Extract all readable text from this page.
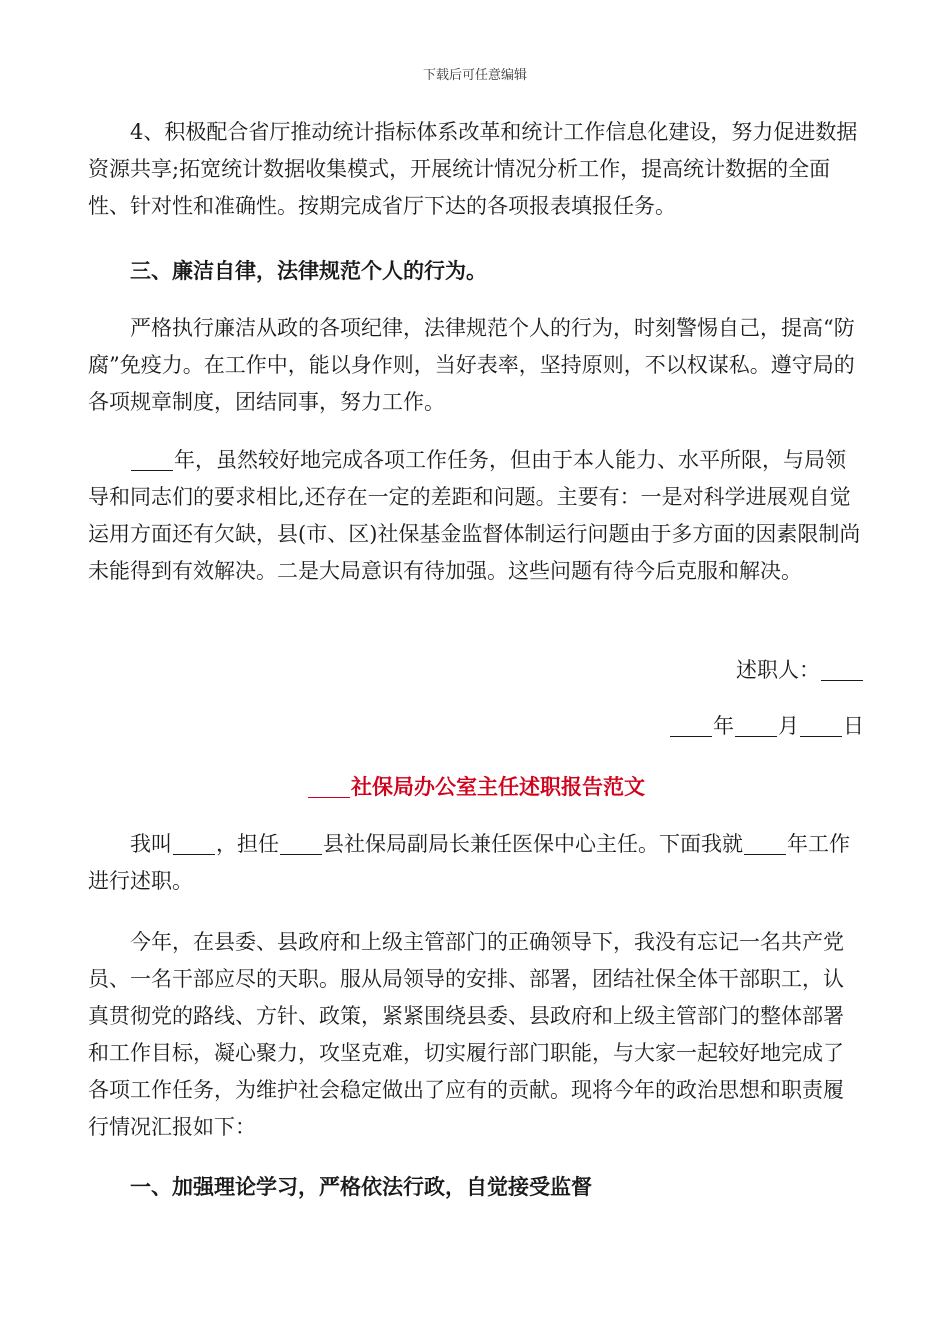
下载后可任意编辑

4、积极配合省厅推动统计指标体系改革和统计工作信息化建设，努力促进数据资源共享;拓宽统计数据收集模式，开展统计情况分析工作，提高统计数据的全面性、针对性和准确性。按期完成省厅下达的各项报表填报任务。

三、廉洁自律，法律规范个人的行为。

严格执行廉洁从政的各项纪律，法律规范个人的行为，时刻警惕自己，提高“防腐”免疫力。在工作中，能以身作则，当好表率，坚持原则，不以权谋私。遵守局的各项规章制度，团结同事，努力工作。

年，虽然较好地完成各项工作任务，但由于本人能力、水平所限，与局领导和同志们的要求相比,还存在一定的差距和问题。主要有：一是对科学进展观自觉运用方面还有欠缺，县(市、区)社保基金监督体制运行问题由于多方面的因素限制尚未能得到有效解决。二是大局意识有待加强。这些问题有待今后克服和解决。

述职人：

年 月 日

社保局办公室主任述职报告范文

我叫 ，担任 县社保局副局长兼任医保中心主任。下面我就 年工作进行述职。

今年，在县委、县政府和上级主管部门的正确领导下，我没有忘记一名共产党员、一名干部应尽的天职。服从局领导的安排、部署，团结社保全体干部职工，认真贯彻党的路线、方针、政策，紧紧围绕县委、县政府和上级主管部门的整体部署和工作目标，凝心聚力，攻坚克难，切实履行部门职能，与大家一起较好地完成了各项工作任务，为维护社会稳定做出了应有的贡献。现将今年的政治思想和职责履行情况汇报如下：

一、加强理论学习，严格依法行政，自觉接受监督
